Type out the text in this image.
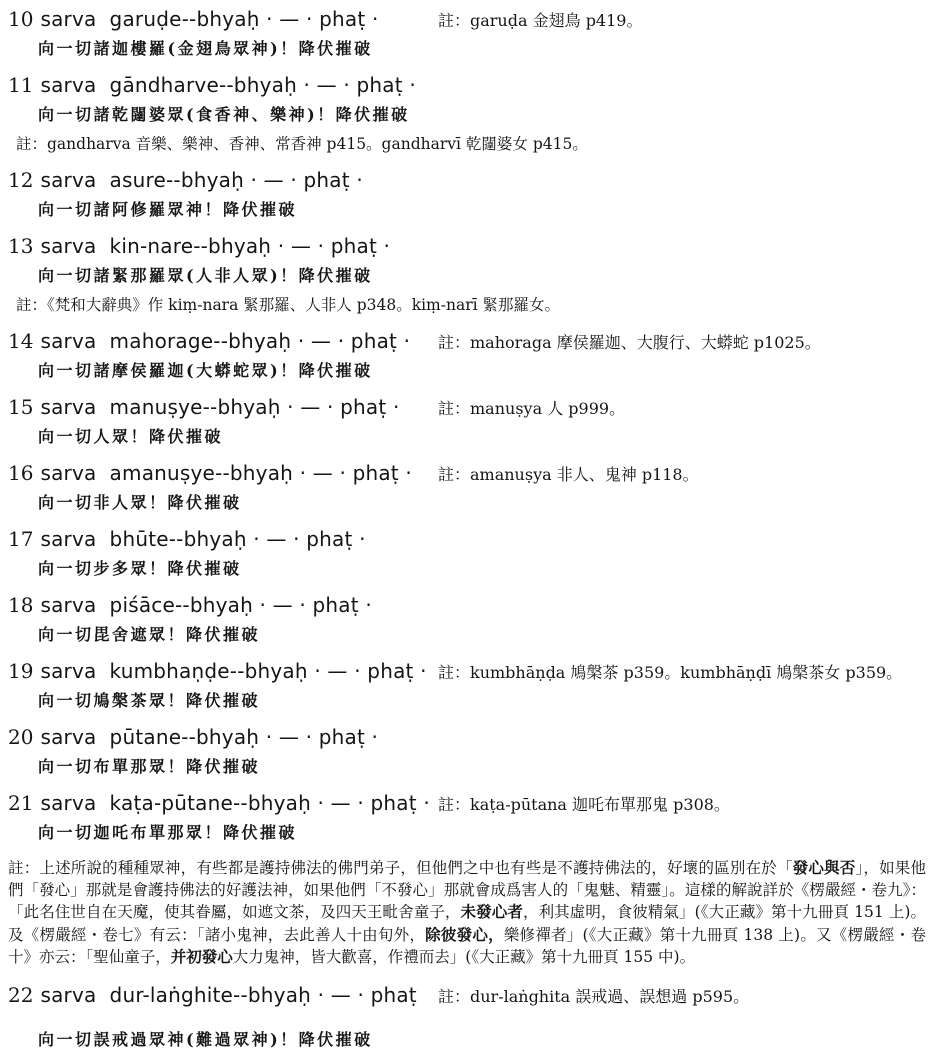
10 sarva  garuḍe--bhyaḥ · — · phaṭ ·	註：garuḍa 金翅鳥 p419。
向一切諸迦樓羅(金翅鳥眾神)！降伏摧破
11 sarva  gāndharve--bhyaḥ · — · phaṭ ·
向一切諸乾闥婆眾(食香神、樂神)！降伏摧破
註：gandharva 音樂、樂神、香神、常香神 p415。gandharvī 乾闥婆女 p415。
12 sarva  asure--bhyaḥ · — · phaṭ ·
向一切諸阿修羅眾神！降伏摧破
13 sarva  kin-nare--bhyaḥ · — · phaṭ ·
向一切諸緊那羅眾(人非人眾)！降伏摧破
註：《梵和大辭典》作 kiṃ-nara 緊那羅、人非人 p348。kiṃ-narī 緊那羅女。
14 sarva  mahorage--bhyaḥ · — · phaṭ · 註：mahoraga 摩侯羅迦、大腹行、大蟒蛇 p1025。
向一切諸摩侯羅迦(大蟒蛇眾)！降伏摧破
15 sarva  manuṣye--bhyaḥ · — · phaṭ · 註：manuṣya 人 p999。
向一切人眾！降伏摧破
16 sarva  amanuṣye--bhyaḥ · — · phaṭ · 註：amanuṣya 非人、鬼神 p118。
向一切非人眾！降伏摧破
17 sarva  bhūte--bhyaḥ · — · phaṭ ·
向一切步多眾！降伏摧破
18 sarva  piśāce--bhyaḥ · — · phaṭ ·
向一切毘舍遮眾！降伏摧破
19 sarva  kumbhaṇḍe--bhyaḥ · — · phaṭ · 註：kumbhāṇḍa 鳩槃茶 p359。kumbhāṇḍī 鳩槃茶女 p359。
向一切鳩槃茶眾！降伏摧破
20 sarva  pūtane--bhyaḥ · — · phaṭ ·
向一切布單那眾！降伏摧破
21 sarva  kaṭa-pūtane--bhyaḥ · — · phaṭ · 註：kaṭa-pūtana 迦吒布單那鬼 p308。
向一切迦吒布單那眾！降伏摧破
註：上述所說的種種眾神，有些都是護持佛法的佛門弟子，但他們之中也有些是不護持佛法的，好壞的區別在於「發心與否」，如果他們「發心」那就是會護持佛法的好護法神，如果他們「不發心」那就會成爲害人的「鬼魅、精靈」。這樣的解說詳於《楞嚴經・卷九》：「此名住世自在天魔，使其眷屬，如遮文茶，及四天王毗舍童子，未發心者，利其虛明，食彼精氣」(《大正藏》第十九冊頁 151 上)。及《楞嚴經・卷七》有云：「諸小鬼神，去此善人十由旬外，除彼發心，樂修禪者」(《大正藏》第十九冊頁 138 上)。又《楞嚴經・卷十》亦云：「聖仙童子，并初發心大力鬼神，皆大歡喜，作禮而去」(《大正藏》第十九冊頁 155 中)。
22 sarva  dur-laṅghite--bhyaḥ · — · phaṭ 註：dur-laṅghita 誤戒過、誤想過 p595。
向一切誤戒過眾神(難過眾神)！降伏摧破
